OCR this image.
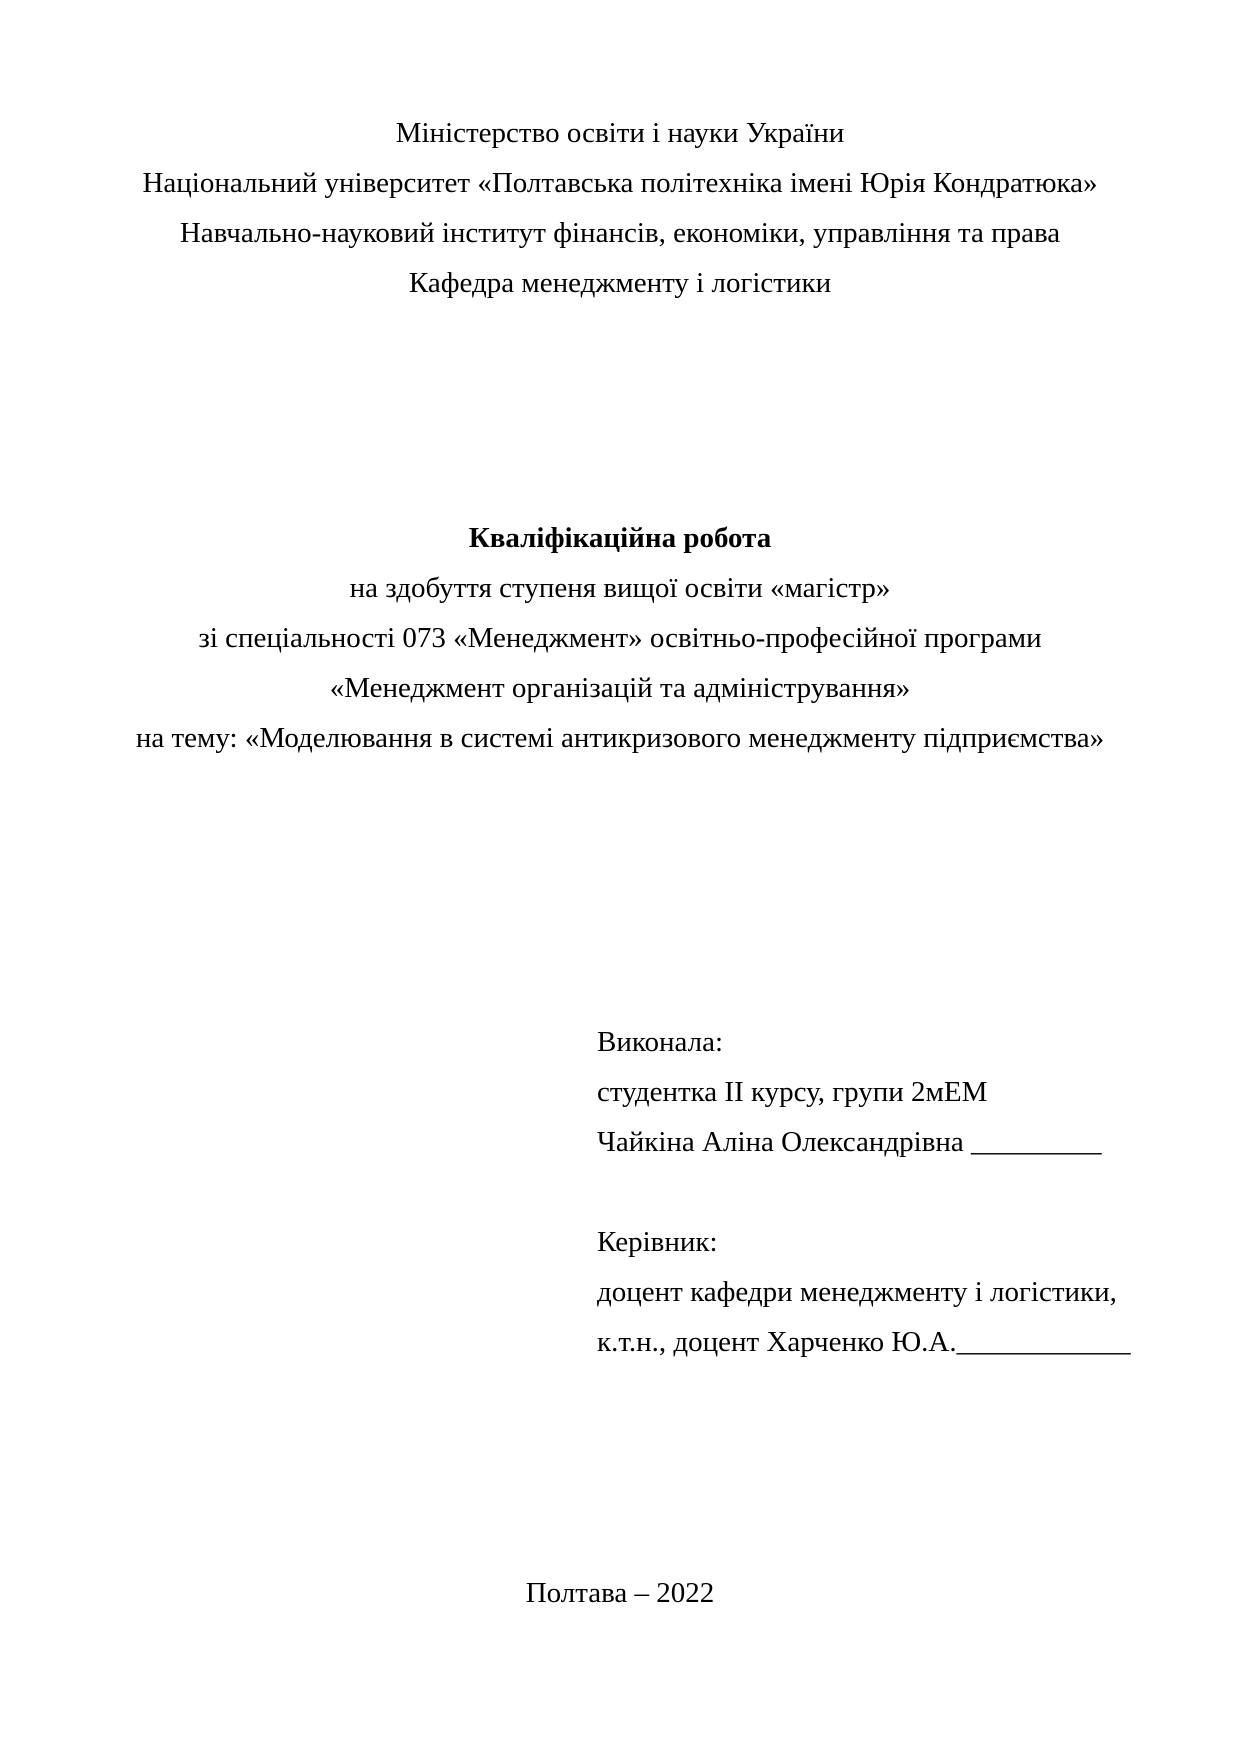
Міністерство освіти і науки України
Національний університет «Полтавська політехніка імені Юрія Кондратюка»
Навчально-науковий інститут фінансів, економіки, управління та права
Кафедра менеджменту і логістики
Кваліфікаційна робота
на здобуття ступеня вищої освіти «магістр»
зі спеціальності 073 «Менеджмент» освітньо-професійної програми
«Менеджмент організацій та адміністрування»
на тему: «Моделювання в системі антикризового менеджменту підприємства»
Виконала:
студентка ІІ курсу, групи 2мЕМ
Чайкіна Аліна Олександрівна _________
Керівник:
доцент кафедри менеджменту і логістики,
к.т.н., доцент Харченко Ю.А.____________
Полтава – 2022
